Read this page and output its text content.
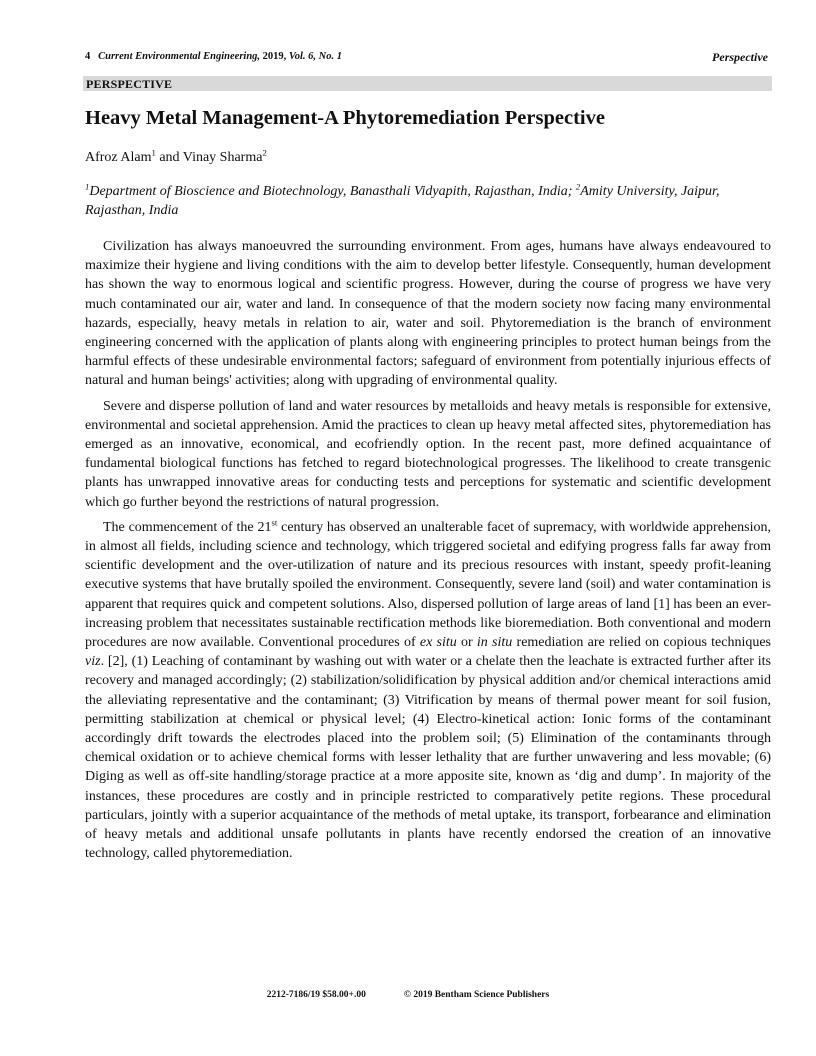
4 Current Environmental Engineering, 2019, Vol. 6, No. 1	Perspective
PERSPECTIVE
Heavy Metal Management-A Phytoremediation Perspective
Afroz Alam$^1$ and Vinay Sharma$^2$
$^1$Department of Bioscience and Biotechnology, Banasthali Vidyapith, Rajasthan, India; $^2$Amity University, Jaipur, Rajasthan, India

Civilization has always manoeuvred the surrounding environment. From ages, humans have always endeavoured to maximize their hygiene and living conditions with the aim to develop better lifestyle. Consequently, human development has shown the way to enormous logical and scientific progress. However, during the course of progress we have very much contaminated our air, water and land. In consequence of that the modern society now facing many environmental hazards, especially, heavy metals in relation to air, water and soil. Phytoremediation is the branch of environment engineering concerned with the application of plants along with engineering principles to protect human beings from the harmful effects of these undesirable environmental factors; safeguard of environment from potentially injurious effects of natural and human beings' activities; along with upgrading of environmental quality.

Severe and disperse pollution of land and water resources by metalloids and heavy metals is responsible for extensive, environmental and societal apprehension. Amid the practices to clean up heavy metal affected sites, phytoremediation has emerged as an innovative, economical, and ecofriendly option. In the recent past, more defined acquaintance of fundamental biological functions has fetched to regard biotechnological progresses. The likelihood to create transgenic plants has unwrapped innovative areas for conducting tests and perceptions for systematic and scientific development which go further beyond the restrictions of natural progression.

The commencement of the 21st century has observed an unalterable facet of supremacy, with worldwide apprehension, in almost all fields, including science and technology, which triggered societal and edifying progress falls far away from scientific development and the over-utilization of nature and its precious resources with instant, speedy profit-leaning executive systems that have brutally spoiled the environment. Consequently, severe land (soil) and water contamination is apparent that requires quick and competent solutions. Also, dispersed pollution of large areas of land [1] has been an ever-increasing problem that necessitates sustainable rectification methods like bioremediation. Both conventional and modern procedures are now available. Conventional procedures of ex situ or in situ remediation are relied on copious techniques viz. [2], (1) Leaching of contaminant by washing out with water or a chelate then the leachate is extracted further after its recovery and managed accordingly; (2) stabilization/solidification by physical addition and/or chemical interactions amid the alleviating representative and the contaminant; (3) Vitrification by means of thermal power meant for soil fusion, permitting stabilization at chemical or physical level; (4) Electro-kinetical action: Ionic forms of the contaminant accordingly drift towards the electrodes placed into the problem soil; (5) Elimination of the contaminants through chemical oxidation or to achieve chemical forms with lesser lethality that are further unwavering and less movable; (6) Diging as well as off-site handling/storage practice at a more apposite site, known as ‘dig and dump’. In majority of the instances, these procedures are costly and in principle restricted to comparatively petite regions. These procedural particulars, jointly with a superior acquaintance of the methods of metal uptake, its transport, forbearance and elimination of heavy metals and additional unsafe pollutants in plants have recently endorsed the creation of an innovative technology, called phytoremediation.

2212-7186/19 $58.00+.00	© 2019 Bentham Science Publishers
